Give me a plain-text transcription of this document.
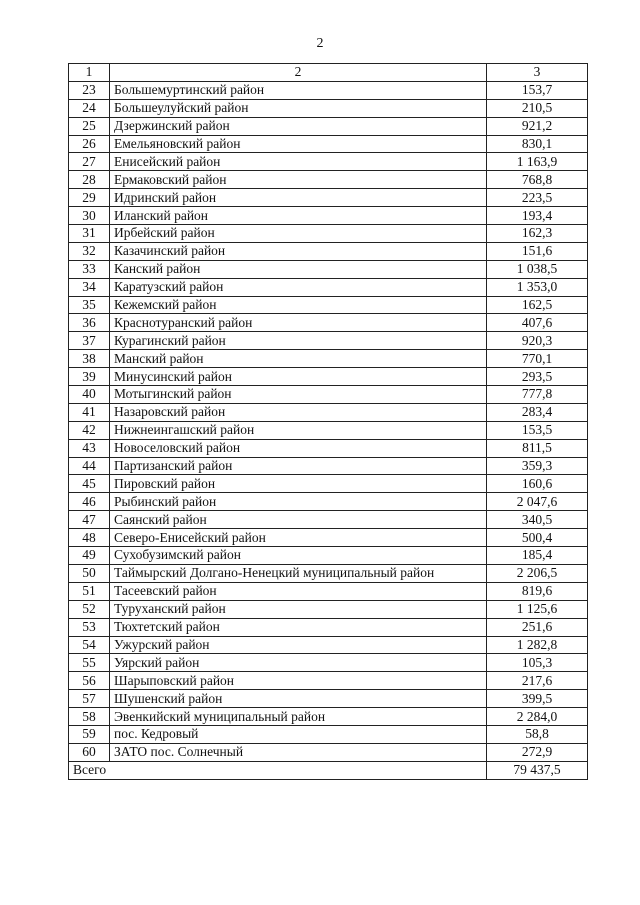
2
1	2	3
23	Большемуртинский район	153,7
24	Большеулуйский район	210,5
25	Дзержинский район	921,2
26	Емельяновский район	830,1
27	Енисейский район	1 163,9
28	Ермаковский район	768,8
29	Идринский район	223,5
30	Иланский район	193,4
31	Ирбейский район	162,3
32	Казачинский район	151,6
33	Канский район	1 038,5
34	Каратузский район	1 353,0
35	Кежемский район	162,5
36	Краснотуранский район	407,6
37	Курагинский район	920,3
38	Манский район	770,1
39	Минусинский район	293,5
40	Мотыгинский район	777,8
41	Назаровский район	283,4
42	Нижнеингашский район	153,5
43	Новоселовский район	811,5
44	Партизанский район	359,3
45	Пировский район	160,6
46	Рыбинский район	2 047,6
47	Саянский район	340,5
48	Северо-Енисейский район	500,4
49	Сухобузимский район	185,4
50	Таймырский Долгано-Ненецкий муниципальный район	2 206,5
51	Тасеевский район	819,6
52	Туруханский район	1 125,6
53	Тюхтетский район	251,6
54	Ужурский район	1 282,8
55	Уярский район	105,3
56	Шарыповский район	217,6
57	Шушенский район	399,5
58	Эвенкийский муниципальный район	2 284,0
59	пос. Кедровый	58,8
60	ЗАТО пос. Солнечный	272,9
Всего		79 437,5
